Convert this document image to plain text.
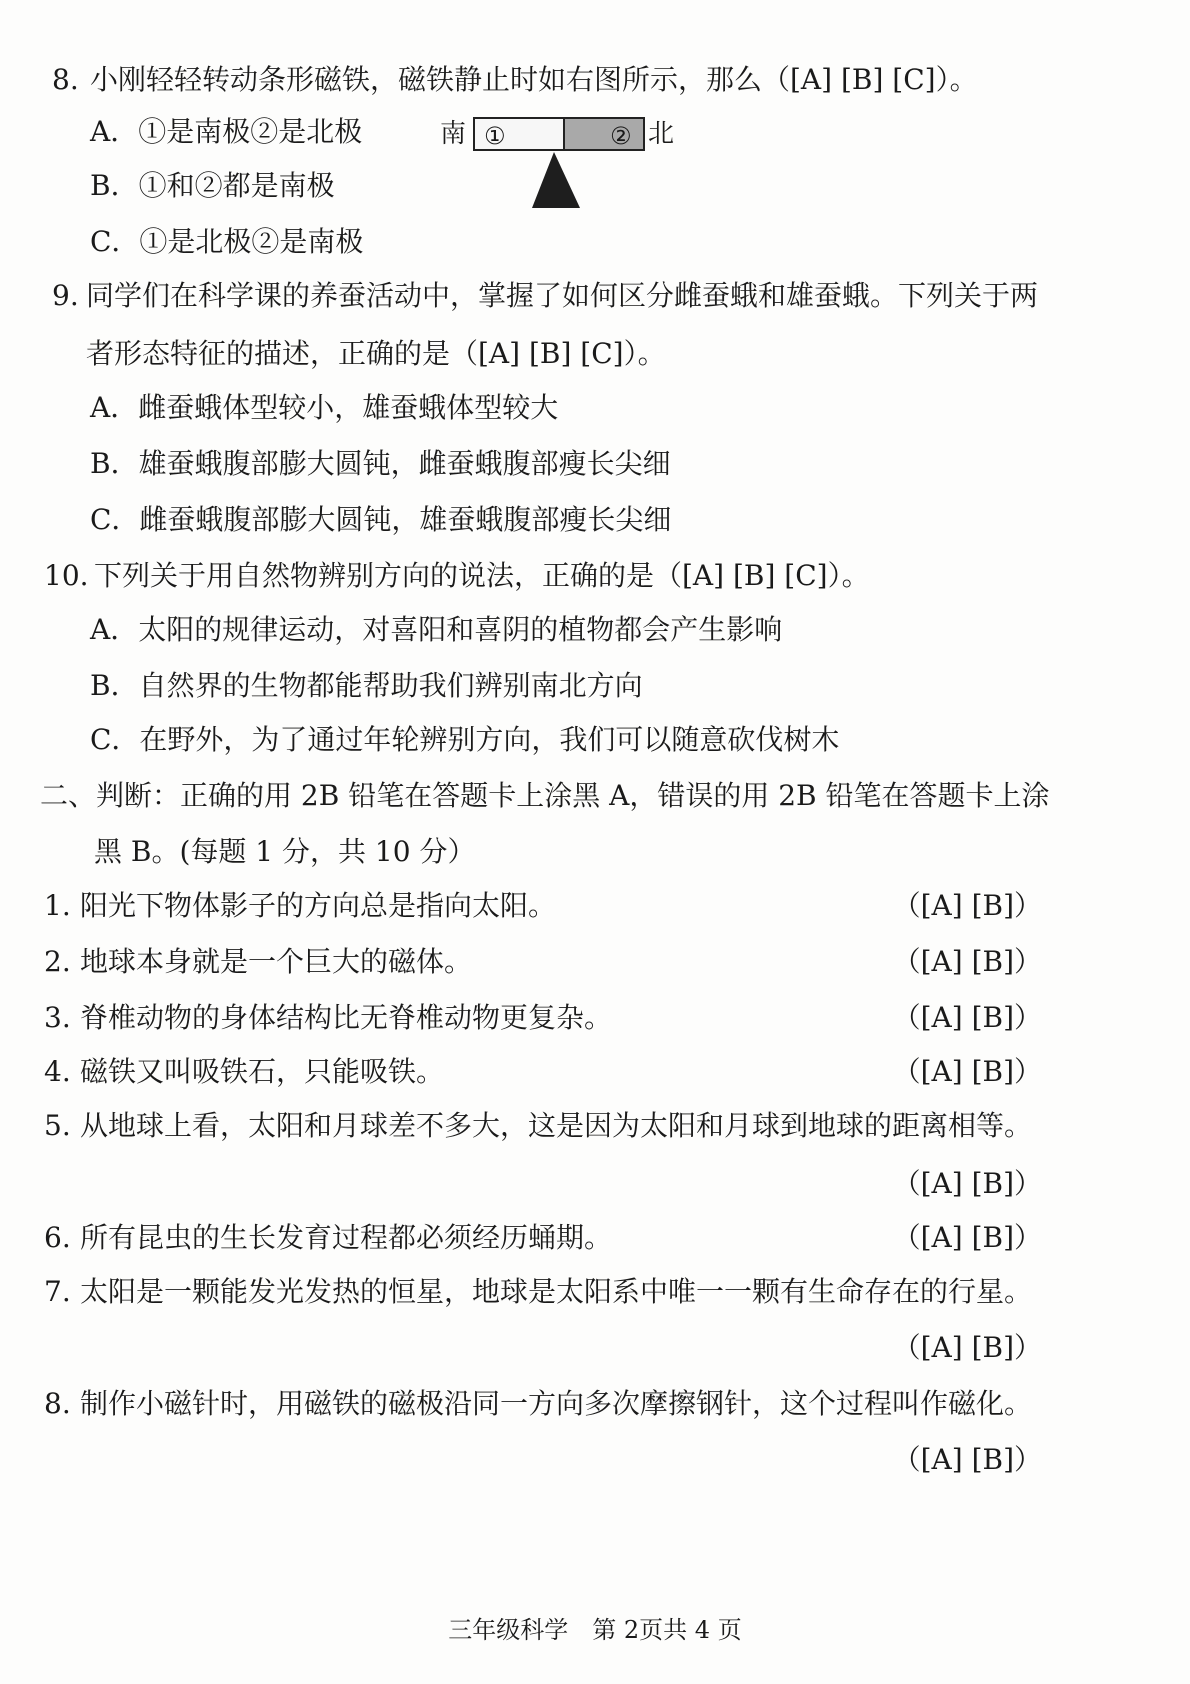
8. 小刚轻轻转动条形磁铁，磁铁静止时如右图所示，那么（[A] [B] [C]）。
A．①是南极②是北极
B．①和②都是南极
C．①是北极②是南极
南 ①	② 北
9. 同学们在科学课的养蚕活动中，掌握了如何区分雌蚕蛾和雄蚕蛾。下列关于两
者形态特征的描述，正确的是（[A] [B] [C]）。
A．雌蚕蛾体型较小，雄蚕蛾体型较大
B．雄蚕蛾腹部膨大圆钝，雌蚕蛾腹部瘦长尖细
C．雌蚕蛾腹部膨大圆钝，雄蚕蛾腹部瘦长尖细
10. 下列关于用自然物辨别方向的说法，正确的是（[A] [B] [C]）。
A．太阳的规律运动，对喜阳和喜阴的植物都会产生影响
B．自然界的生物都能帮助我们辨别南北方向
C．在野外，为了通过年轮辨别方向，我们可以随意砍伐树木
二、判断：正确的用 2B 铅笔在答题卡上涂黑 A，错误的用 2B 铅笔在答题卡上涂
黑 B。(每题 1 分，共 10 分）
1. 阳光下物体影子的方向总是指向太阳。	（[A] [B]）
2. 地球本身就是一个巨大的磁体。	（[A] [B]）
3. 脊椎动物的身体结构比无脊椎动物更复杂。	（[A] [B]）
4. 磁铁又叫吸铁石，只能吸铁。	（[A] [B]）
5. 从地球上看，太阳和月球差不多大，这是因为太阳和月球到地球的距离相等。
（[A] [B]）
6. 所有昆虫的生长发育过程都必须经历蛹期。	（[A] [B]）
7. 太阳是一颗能发光发热的恒星，地球是太阳系中唯一一颗有生命存在的行星。
（[A] [B]）
8. 制作小磁针时，用磁铁的磁极沿同一方向多次摩擦钢针，这个过程叫作磁化。
（[A] [B]）
三年级科学　第 2页共 4 页
